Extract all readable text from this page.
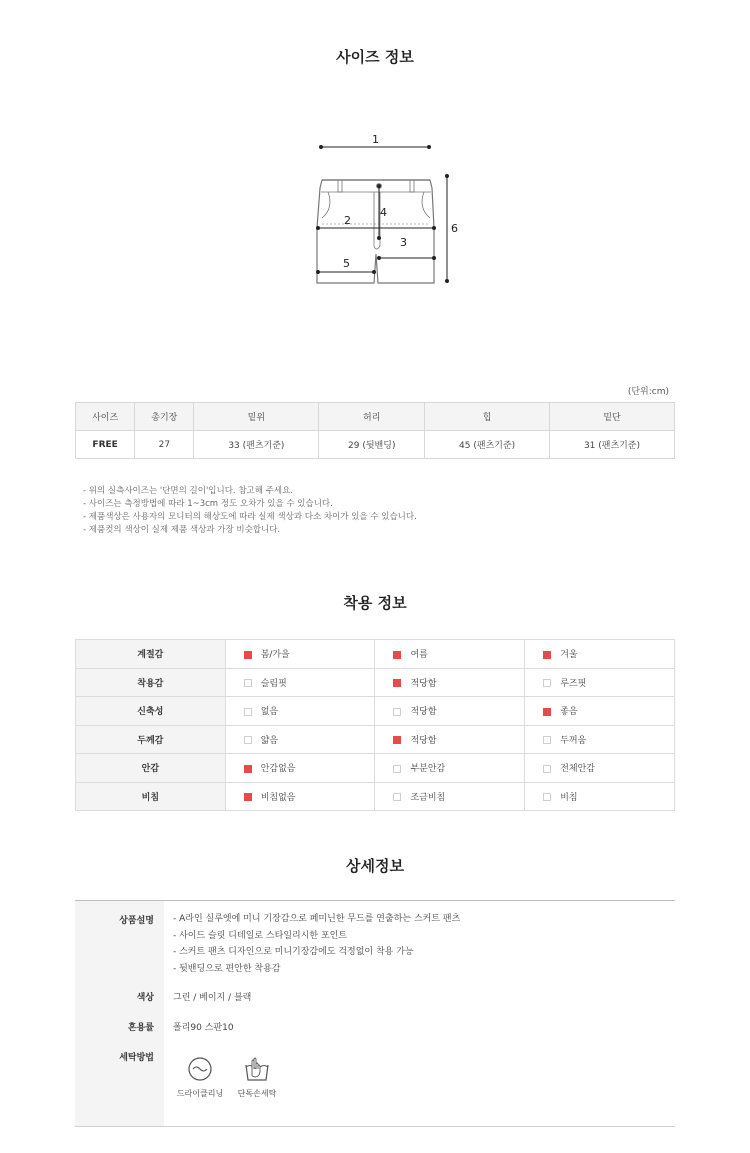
사이즈 정보
1
2
3
4
5
6
(단위:cm)
사이즈	총기장	밑위	허리	힙	밑단
FREE	27	33 (팬츠기준)	29 (뒷밴딩)	45 (팬츠기준)	31 (팬츠기준)
- 위의 실측사이즈는 '단면의 길이'입니다. 참고해 주세요.
- 사이즈는 측정방법에 따라 1~3cm 정도 오차가 있을 수 있습니다.
- 제품색상은 사용자의 모니터의 해상도에 따라 실제 색상과 다소 차이가 있을 수 있습니다.
- 제품컷의 색상이 실제 제품 색상과 가장 비슷합니다.
착용 정보
계절감	봄/가을	여름	겨울
착용감	슬림핏	적당함	루즈핏
신축성	없음	적당함	좋음
두께감	얇음	적당함	두꺼움
안감	안감없음	부분안감	전체안감
비침	비침없음	조금비침	비침
상세정보
상품설명 - A라인 실루엣에 미니 기장감으로 페미닌한 무드를 연출하는 스커트 팬츠
- 사이드 슬릿 디테일로 스타일리시한 포인트
- 스커트 팬츠 디자인으로 미니기장감에도 걱정없이 착용 가능
- 뒷밴딩으로 편안한 착용감
색상 그린 / 베이지 / 블랙
혼용률 폴리90 스판10
세탁방법
드라이클리닝	단독손세탁
